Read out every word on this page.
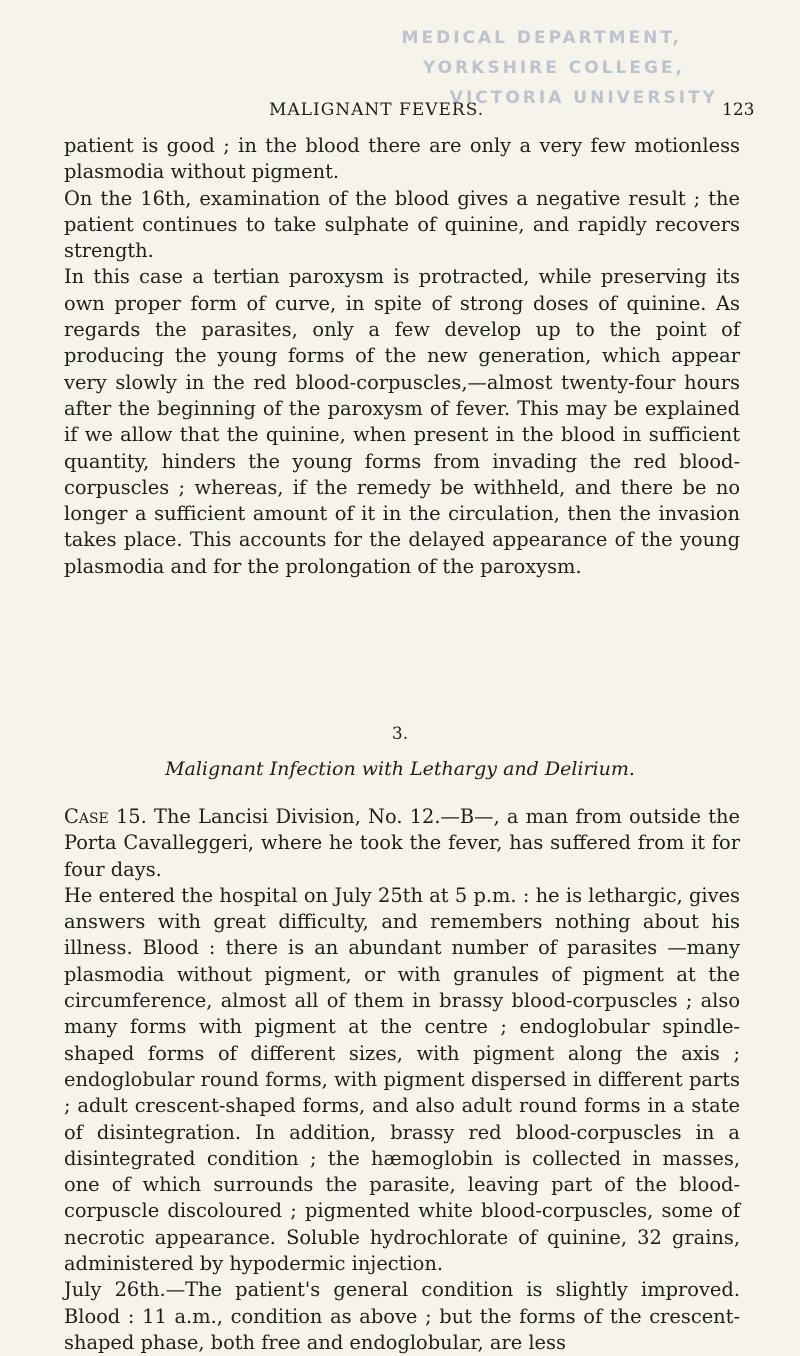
MEDICAL DEPARTMENT,
YORKSHIRE COLLEGE,
VICTORIA UNIVERSITY
MALIGNANT FEVERS.	123

patient is good ; in the blood there are only a very few motionless plasmodia without pigment.

On the 16th, examination of the blood gives a negative result ; the patient continues to take sulphate of quinine, and rapidly recovers strength.

In this case a tertian paroxysm is protracted, while preserving its own proper form of curve, in spite of strong doses of quinine. As regards the parasites, only a few develop up to the point of producing the young forms of the new generation, which appear very slowly in the red blood-corpuscles,—almost twenty-four hours after the beginning of the paroxysm of fever. This may be explained if we allow that the quinine, when present in the blood in sufficient quantity, hinders the young forms from invading the red blood-corpuscles ; whereas, if the remedy be withheld, and there be no longer a sufficient amount of it in the circulation, then the invasion takes place. This accounts for the delayed appearance of the young plasmodia and for the prolongation of the paroxysm.

3.
Malignant Infection with Lethargy and Delirium.

Case 15. The Lancisi Division, No. 12.—B—, a man from outside the Porta Cavalleggeri, where he took the fever, has suffered from it for four days.

He entered the hospital on July 25th at 5 p.m. : he is lethargic, gives answers with great difficulty, and remembers nothing about his illness. Blood : there is an abundant number of parasites —many plasmodia without pigment, or with granules of pigment at the circumference, almost all of them in brassy blood-corpuscles ; also many forms with pigment at the centre ; endoglobular spindle-shaped forms of different sizes, with pigment along the axis ; endoglobular round forms, with pigment dispersed in different parts ; adult crescent-shaped forms, and also adult round forms in a state of disintegration. In addition, brassy red blood-corpuscles in a disintegrated condition ; the hæmoglobin is collected in masses, one of which surrounds the parasite, leaving part of the blood-corpuscle discoloured ; pigmented white blood-corpuscles, some of necrotic appearance. Soluble hydrochlorate of quinine, 32 grains, administered by hypodermic injection.

July 26th.—The patient's general condition is slightly improved. Blood : 11 a.m., condition as above ; but the forms of the crescent-shaped phase, both free and endoglobular, are less
